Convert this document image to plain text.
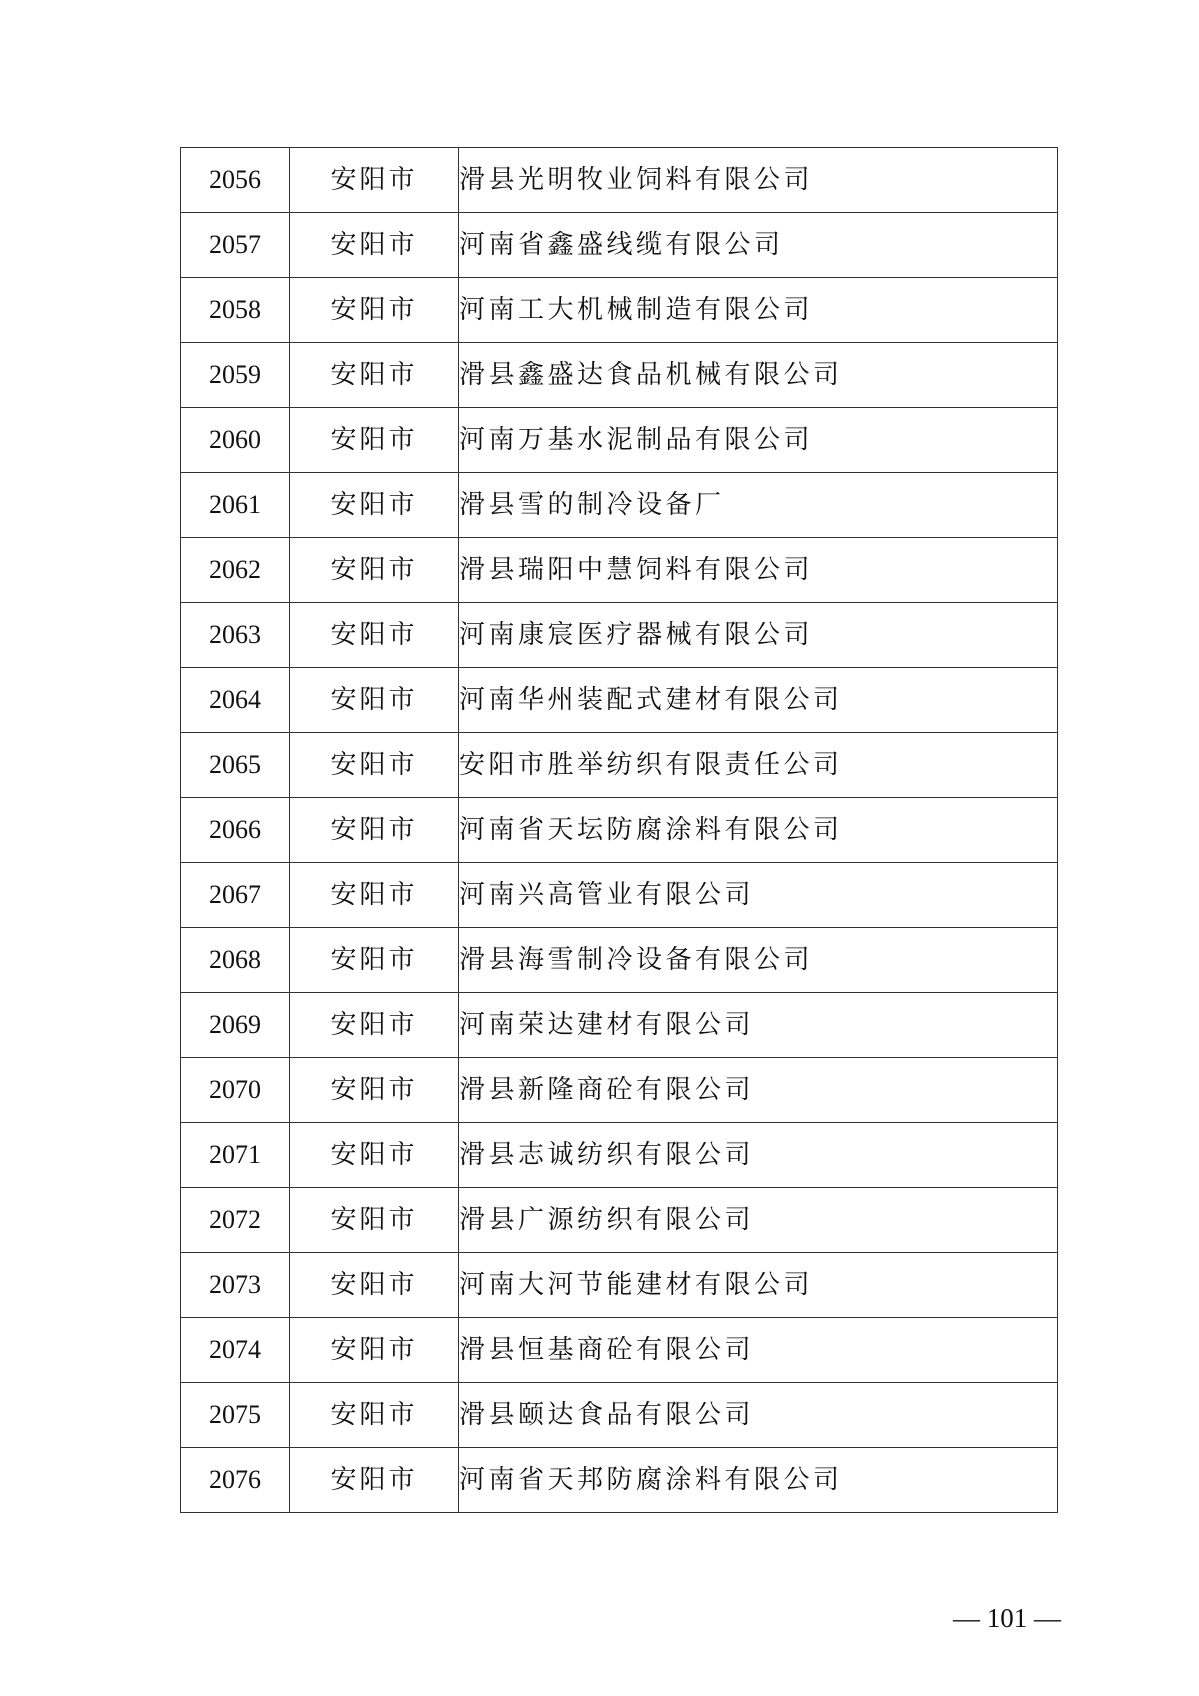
2056	安阳市	滑县光明牧业饲料有限公司
2057	安阳市	河南省鑫盛线缆有限公司
2058	安阳市	河南工大机械制造有限公司
2059	安阳市	滑县鑫盛达食品机械有限公司
2060	安阳市	河南万基水泥制品有限公司
2061	安阳市	滑县雪的制冷设备厂
2062	安阳市	滑县瑞阳中慧饲料有限公司
2063	安阳市	河南康宸医疗器械有限公司
2064	安阳市	河南华州装配式建材有限公司
2065	安阳市	安阳市胜举纺织有限责任公司
2066	安阳市	河南省天坛防腐涂料有限公司
2067	安阳市	河南兴高管业有限公司
2068	安阳市	滑县海雪制冷设备有限公司
2069	安阳市	河南荣达建材有限公司
2070	安阳市	滑县新隆商砼有限公司
2071	安阳市	滑县志诚纺织有限公司
2072	安阳市	滑县广源纺织有限公司
2073	安阳市	河南大河节能建材有限公司
2074	安阳市	滑县恒基商砼有限公司
2075	安阳市	滑县颐达食品有限公司
2076	安阳市	河南省天邦防腐涂料有限公司
— 101 —
